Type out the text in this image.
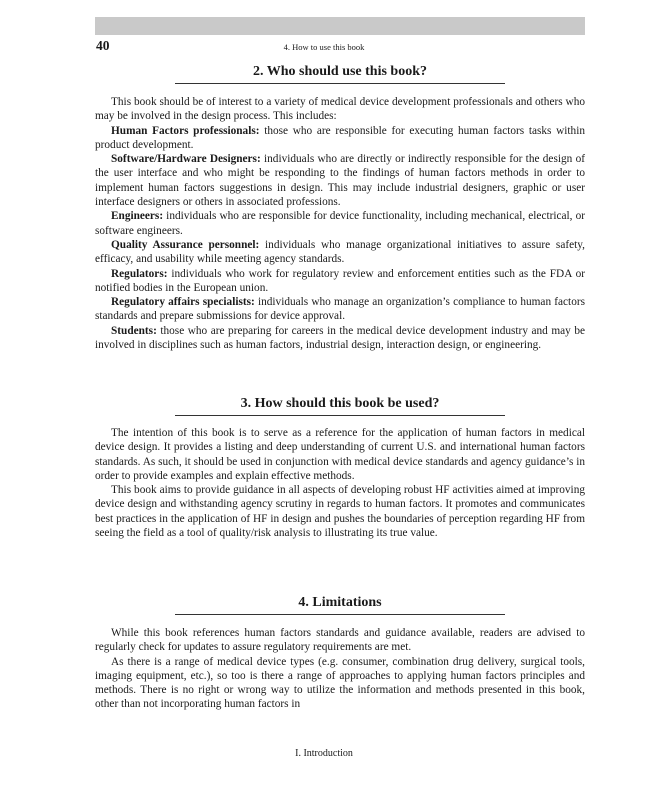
40	4. How to use this book
2. Who should use this book?

This book should be of interest to a variety of medical device development professionals and others who may be involved in the design process. This includes:

Human Factors professionals: those who are responsible for executing human factors tasks within product development.

Software/Hardware Designers: individuals who are directly or indirectly responsible for the design of the user interface and who might be responding to the findings of human factors methods in order to implement human factors suggestions in design. This may include industrial designers, graphic or user interface designers or others in associated professions.

Engineers: individuals who are responsible for device functionality, including mechanical, electrical, or software engineers.

Quality Assurance personnel: individuals who manage organizational initiatives to assure safety, efficacy, and usability while meeting agency standards.

Regulators: individuals who work for regulatory review and enforcement entities such as the FDA or notified bodies in the European union.

Regulatory affairs specialists: individuals who manage an organization’s compliance to human factors standards and prepare submissions for device approval.

Students: those who are preparing for careers in the medical device development industry and may be involved in disciplines such as human factors, industrial design, interaction design, or engineering.

3. How should this book be used?

The intention of this book is to serve as a reference for the application of human factors in medical device design. It provides a listing and deep understanding of current U.S. and international human factors standards. As such, it should be used in conjunction with medical device standards and agency guidance’s in order to provide examples and explain effective methods.

This book aims to provide guidance in all aspects of developing robust HF activities aimed at improving device design and withstanding agency scrutiny in regards to human factors. It promotes and communicates best practices in the application of HF in design and pushes the boundaries of perception regarding HF from seeing the field as a tool of quality/risk analysis to illustrating its true value.

4. Limitations

While this book references human factors standards and guidance available, readers are advised to regularly check for updates to assure regulatory requirements are met.

As there is a range of medical device types (e.g. consumer, combination drug delivery, surgical tools, imaging equipment, etc.), so too is there a range of approaches to applying human factors principles and methods. There is no right or wrong way to utilize the information and methods presented in this book, other than not incorporating human factors in

I. Introduction
